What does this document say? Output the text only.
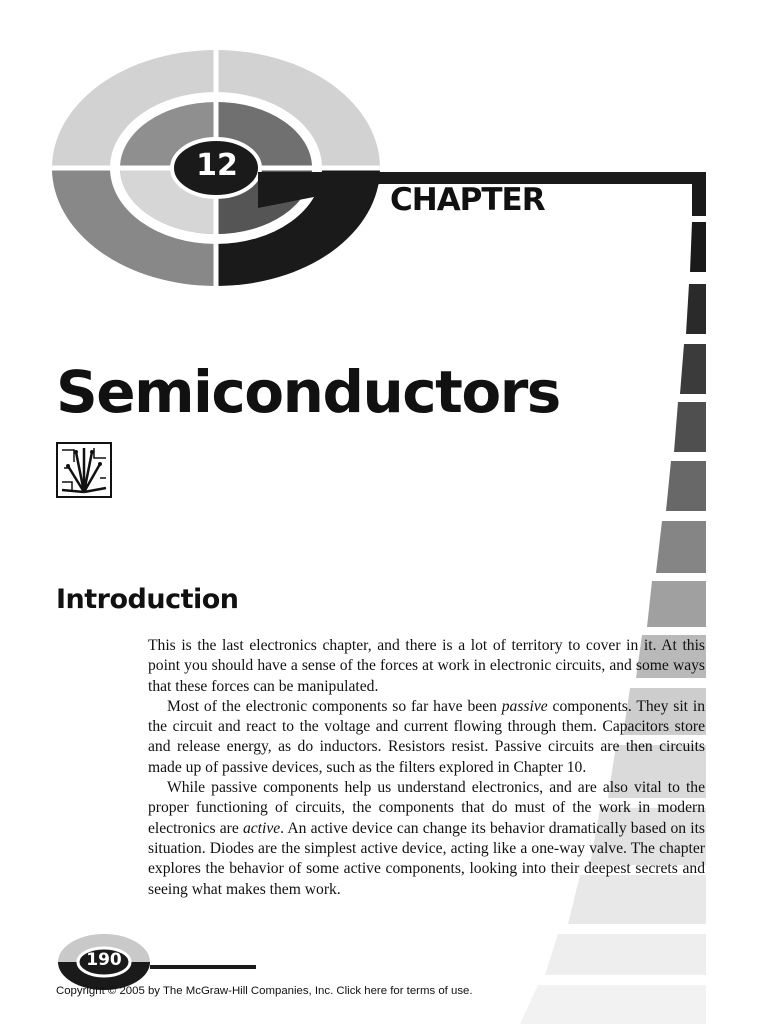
12
CHAPTER
Semiconductors
Introduction

This is the last electronics chapter, and there is a lot of territory to cover in it. At this point you should have a sense of the forces at work in electronic circuits, and some ways that these forces can be manipulated.

Most of the electronic components so far have been passive components. They sit in the circuit and react to the voltage and current flowing through them. Capacitors store and release energy, as do inductors. Resistors resist. Passive circuits are then circuits made up of passive devices, such as the filters explored in Chapter 10.

While passive components help us understand electronics, and are also vital to the proper functioning of circuits, the components that do must of the work in modern electronics are active. An active device can change its behavior dramatically based on its situation. Diodes are the simplest active device, acting like a one-way valve. The chapter explores the behavior of some active components, looking into their deepest secrets and seeing what makes them work.

190
Copyright © 2005 by The McGraw-Hill Companies, Inc. Click here for terms of use.
